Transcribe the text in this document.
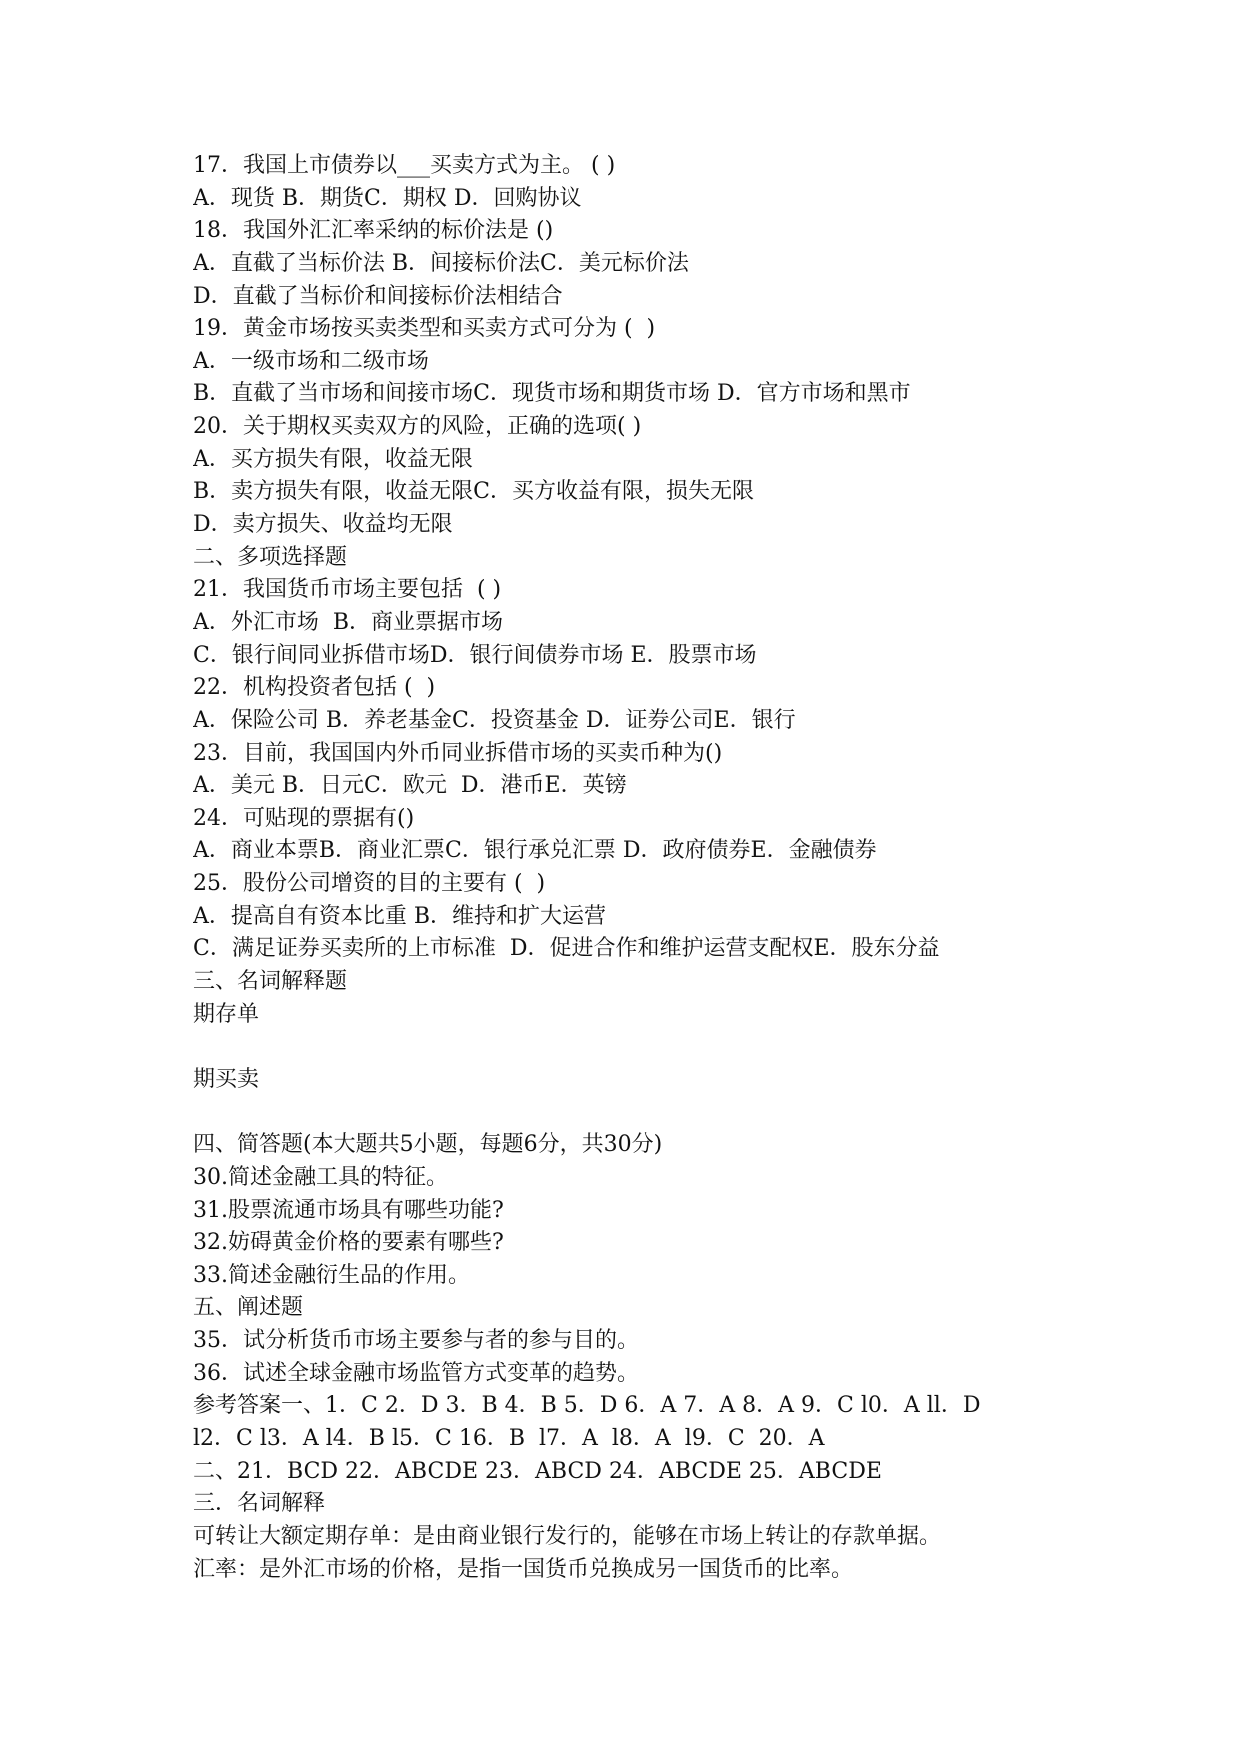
17．我国上市债券以___买卖方式为主。 ( )
A．现货 B．期货C．期权 D．回购协议
18．我国外汇汇率采纳的标价法是 ()
A．直截了当标价法 B．间接标价法C．美元标价法
D．直截了当标价和间接标价法相结合
19．黄金市场按买卖类型和买卖方式可分为 (  )
A．一级市场和二级市场
B．直截了当市场和间接市场C．现货市场和期货市场 D．官方市场和黑市
20．关于期权买卖双方的风险，正确的选项( )
A．买方损失有限，收益无限
B．卖方损失有限，收益无限C．买方收益有限，损失无限
D．卖方损失、收益均无限
二、多项选择题
21．我国货币市场主要包括  ( )
A．外汇市场  B．商业票据市场
C．银行间同业拆借市场D．银行间债券市场 E．股票市场
22．机构投资者包括 (  )
A．保险公司 B．养老基金C．投资基金 D．证券公司E．银行
23．目前，我国国内外币同业拆借市场的买卖币种为()
A．美元 B．日元C．欧元  D．港币E．英镑
24．可贴现的票据有()
A．商业本票B．商业汇票C．银行承兑汇票 D．政府债券E．金融债券
25．股份公司增资的目的主要有 (  )
A．提高自有资本比重 B．维持和扩大运营
C．满足证券买卖所的上市标准  D．促进合作和维护运营支配权E．股东分益
三、名词解释题
期存单
期买卖
四、简答题(本大题共5小题，每题6分，共30分)
30.简述金融工具的特征。
31.股票流通市场具有哪些功能?
32.妨碍黄金价格的要素有哪些?
33.简述金融衍生品的作用。
五、阐述题
35．试分析货币市场主要参与者的参与目的。
36．试述全球金融市场监管方式变革的趋势。
参考答案一、1．C 2．D 3．B 4．B 5．D 6．A 7．A 8．A 9．C l0．A ll．D
l2．C l3．A l4．B l5．C 16．B  l7．A  l8．A  l9．C  20．A
二、21．BCD 22．ABCDE 23．ABCD 24．ABCDE 25．ABCDE
三．名词解释
可转让大额定期存单：是由商业银行发行的，能够在市场上转让的存款单据。
汇率：是外汇市场的价格，是指一国货币兑换成另一国货币的比率。
